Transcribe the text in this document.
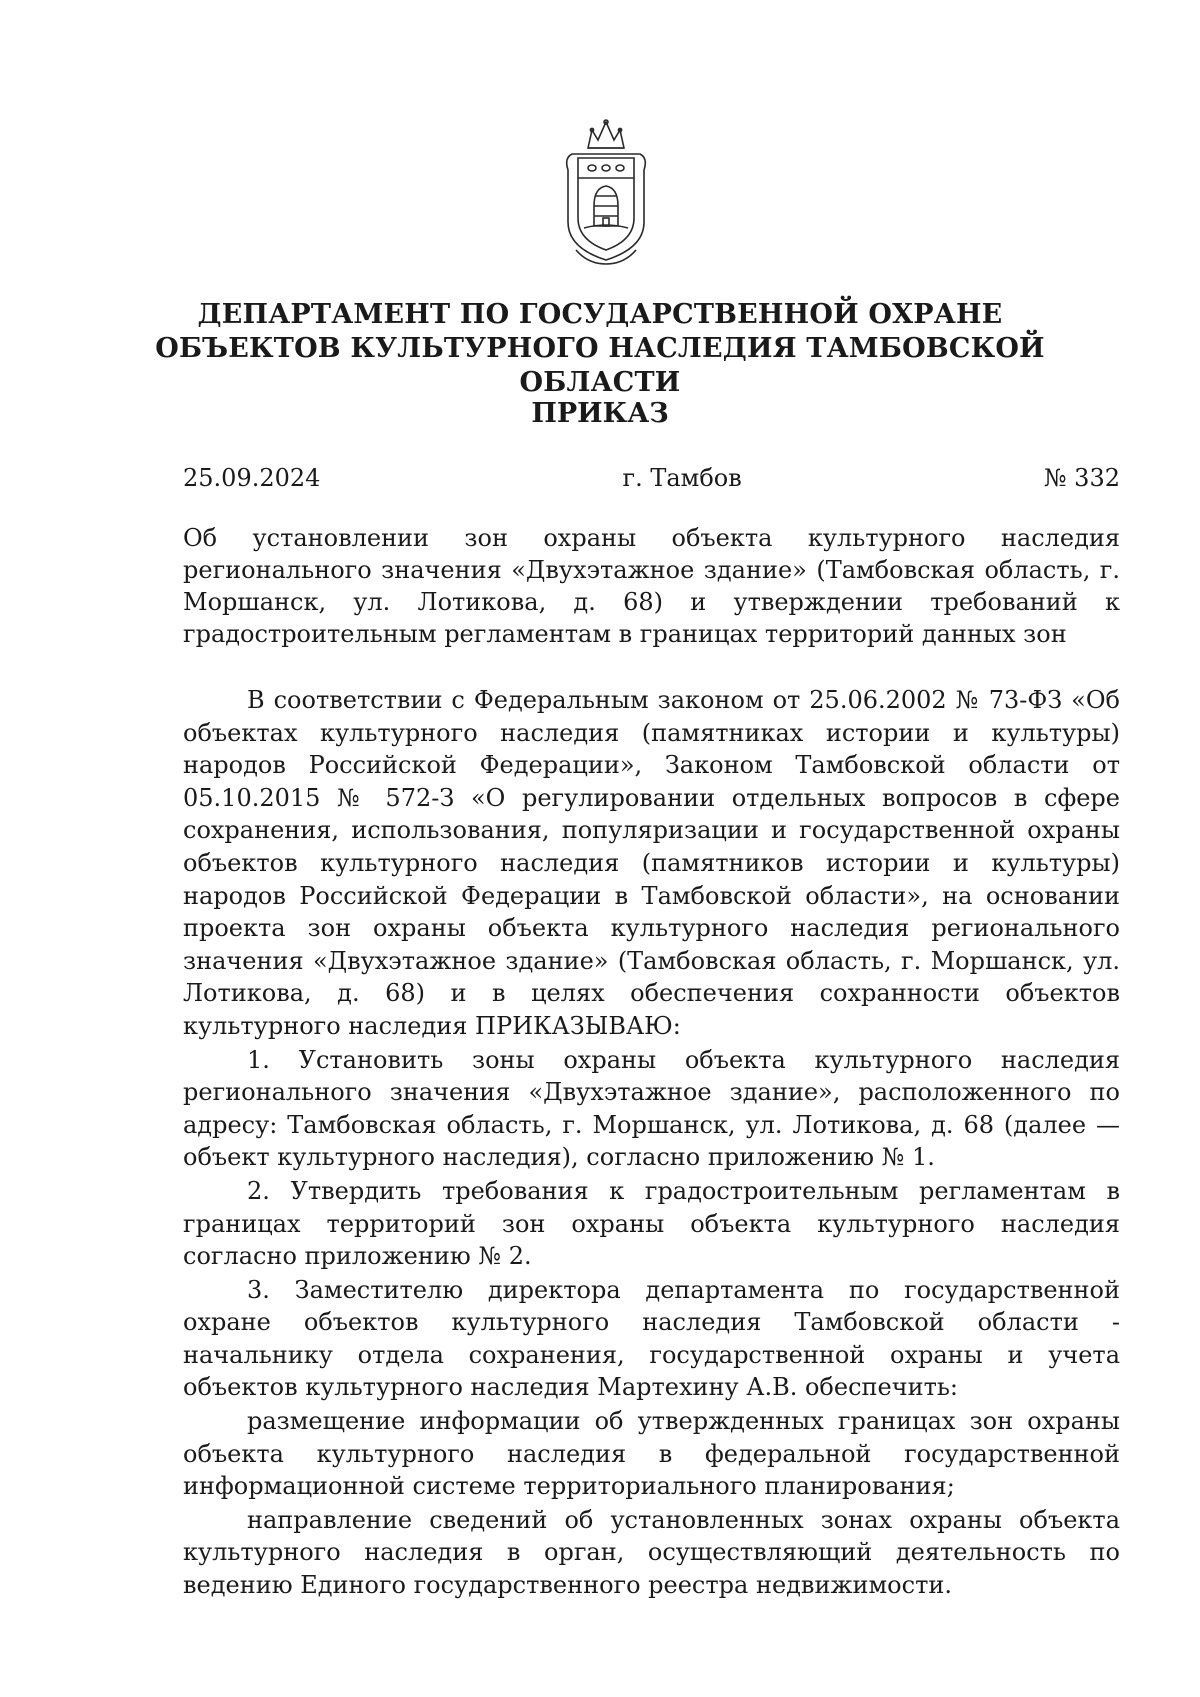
ДЕПАРТАМЕНТ ПО ГОСУДАРСТВЕННОЙ ОХРАНЕ ОБЪЕКТОВ КУЛЬТУРНОГО НАСЛЕДИЯ ТАМБОВСКОЙ ОБЛАСТИ
ПРИКАЗ
25.09.2024	г. Тамбов	№ 332
Об установлении зон охраны объекта культурного наследия регионального значения «Двухэтажное здание» (Тамбовская область, г. Моршанск, ул. Лотикова, д. 68) и утверждении требований к градостроительным регламентам в границах территорий данных зон

В соответствии с Федеральным законом от 25.06.2002 № 73-ФЗ «Об объектах культурного наследия (памятниках истории и культуры) народов Российской Федерации», Законом Тамбовской области от 05.10.2015 № 572-З «О регулировании отдельных вопросов в сфере сохранения, использования, популяризации и государственной охраны объектов культурного наследия (памятников истории и культуры) народов Российской Федерации в Тамбовской области», на основании проекта зон охраны объекта культурного наследия регионального значения «Двухэтажное здание» (Тамбовская область, г. Моршанск, ул. Лотикова, д. 68) и в целях обеспечения сохранности объектов культурного наследия ПРИКАЗЫВАЮ:

1. Установить зоны охраны объекта культурного наследия регионального значения «Двухэтажное здание», расположенного по адресу: Тамбовская область, г. Моршанск, ул. Лотикова, д. 68 (далее — объект культурного наследия), согласно приложению № 1.

2. Утвердить требования к градостроительным регламентам в границах территорий зон охраны объекта культурного наследия согласно приложению № 2.

3. Заместителю директора департамента по государственной охране объектов культурного наследия Тамбовской области - начальнику отдела сохранения, государственной охраны и учета объектов культурного наследия Мартехину А.В. обеспечить:

размещение информации об утвержденных границах зон охраны объекта культурного наследия в федеральной государственной информационной системе территориального планирования;

направление сведений об установленных зонах охраны объекта культурного наследия в орган, осуществляющий деятельность по ведению Единого государственного реестра недвижимости.
